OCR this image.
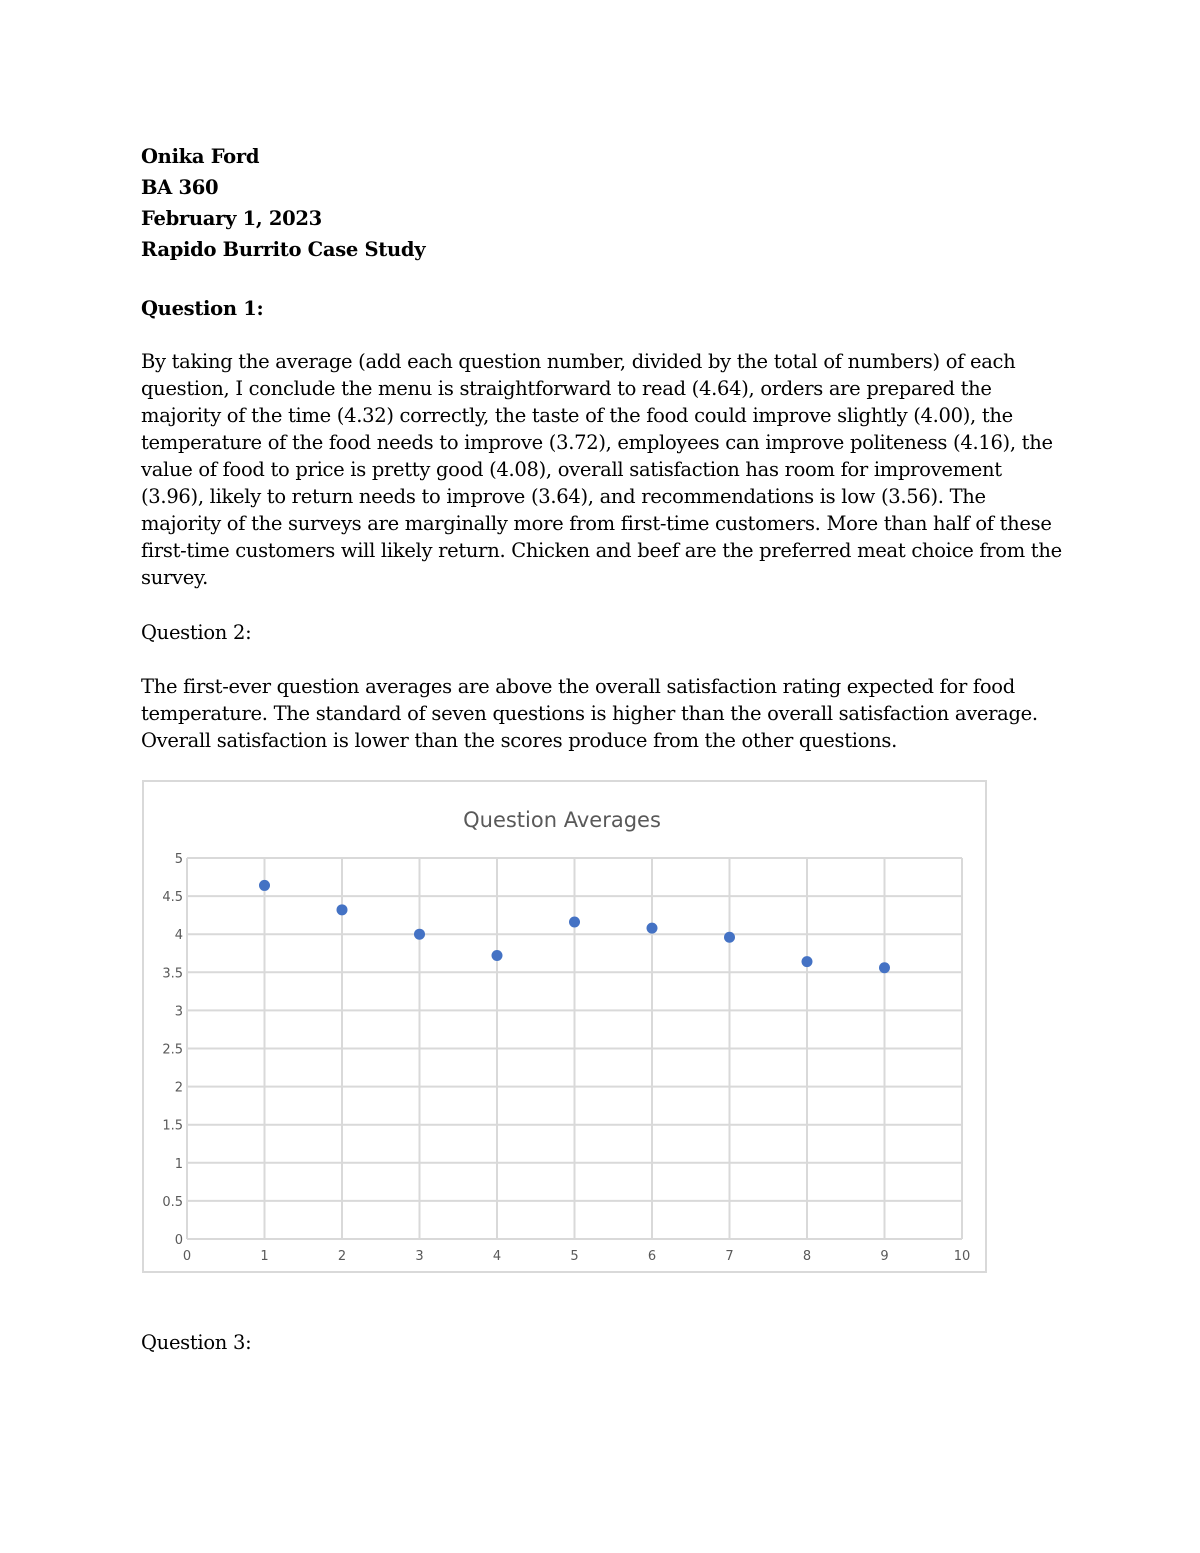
Onika Ford
BA 360
February 1, 2023
Rapido Burrito Case Study
Question 1:
By taking the average (add each question number, divided by the total of numbers) of each question, I conclude the menu is straightforward to read (4.64), orders are prepared the majority of the time (4.32) correctly, the taste of the food could improve slightly (4.00), the temperature of the food needs to improve (3.72), employees can improve politeness (4.16), the value of food to price is pretty good (4.08), overall satisfaction has room for improvement (3.96), likely to return needs to improve (3.64), and recommendations is low (3.56). The majority of the surveys are marginally more from first-time customers. More than half of these first-time customers will likely return. Chicken and beef are the preferred meat choice from the survey.
Question 2:
The first-ever question averages are above the overall satisfaction rating expected for food temperature. The standard of seven questions is higher than the overall satisfaction average. Overall satisfaction is lower than the scores produce from the other questions.
0
0.5
1
1.5
2
2.5
3
3.5
4
4.5
5
0	1	2	3	4	5	6	7	8	9	10
Question Averages
Question 3:
